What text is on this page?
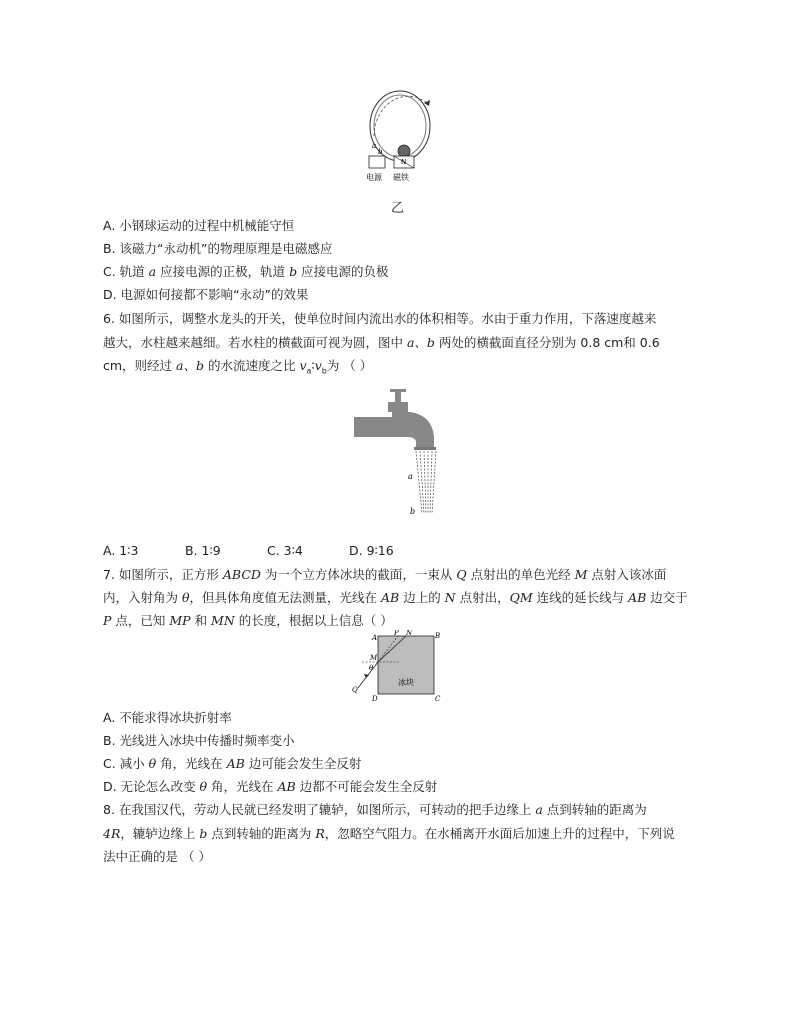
a
b
N
电源 磁铁
乙
A. 小钢球运动的过程中机械能守恒
B. 该磁力“永动机”的物理原理是电磁感应
C. 轨道 a 应接电源的正极，轨道 b 应接电源的负极
D. 电源如何接都不影响“永动”的效果
6. 如图所示，调整水龙头的开关，使单位时间内流出水的体积相等。水由于重力作用，下落速度越来
越大，水柱越来越细。若水柱的横截面可视为圆，图中 a、b 两处的横截面直径分别为 0.8 cm和 0.6
cm，则经过 a、b 的水流速度之比 $v_a∶v_b$为 （ ）
a
b
A. 1∶3	B. 1∶9	C. 3∶4	D. 9∶16
7. 如图所示，正方形 ABCD 为一个立方体冰块的截面，一束从 Q 点射出的单色光经 M 点射入该冰面
内，入射角为 θ，但具体角度值无法测量，光线在 AB 边上的 N 点射出，QM 连线的延长线与 AB 边交于
P 点，已知 MP 和 MN 的长度，根据以上信息（ ）
A
P N	B
M
θ
Q
D	C
冰块
A. 不能求得冰块折射率
B. 光线进入冰块中传播时频率变小
C. 减小 θ 角，光线在 AB 边可能会发生全反射
D. 无论怎么改变 θ 角，光线在 AB 边都不可能会发生全反射
8. 在我国汉代，劳动人民就已经发明了辘轳，如图所示，可转动的把手边缘上 a 点到转轴的距离为
4R，辘轳边缘上 b 点到转轴的距离为 R，忽略空气阻力。在水桶离开水面后加速上升的过程中，下列说
法中正确的是 （ ）
